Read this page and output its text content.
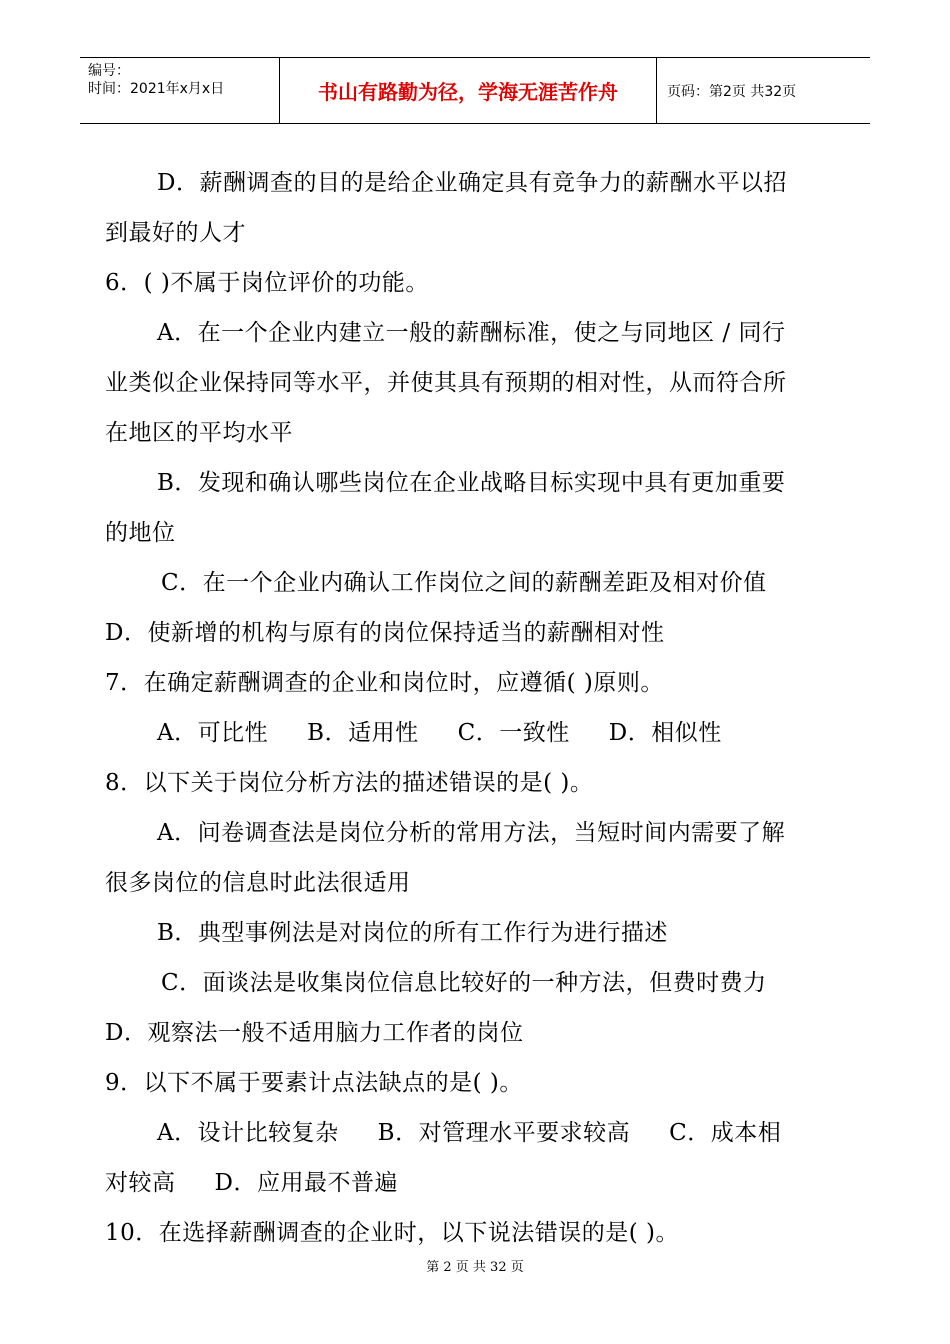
编号：
时间：2021年x月x日	书山有路勤为径，学海无涯苦作舟	页码：第2页 共32页
D．薪酬调查的目的是给企业确定具有竞争力的薪酬水平以招
到最好的人才
6．( )不属于岗位评价的功能。
A．在一个企业内建立一般的薪酬标准，使之与同地区 / 同行
业类似企业保持同等水平，并使其具有预期的相对性，从而符合所
在地区的平均水平
B．发现和确认哪些岗位在企业战略目标实现中具有更加重要
的地位
C．在一个企业内确认工作岗位之间的薪酬差距及相对价值
D．使新增的机构与原有的岗位保持适当的薪酬相对性
7．在确定薪酬调查的企业和岗位时，应遵循( )原则。
A．可比性     B．适用性     C．一致性     D．相似性
8．以下关于岗位分析方法的描述错误的是( )。
A．问卷调查法是岗位分析的常用方法，当短时间内需要了解
很多岗位的信息时此法很适用
B．典型事例法是对岗位的所有工作行为进行描述
C．面谈法是收集岗位信息比较好的一种方法，但费时费力
D．观察法一般不适用脑力工作者的岗位
9．以下不属于要素计点法缺点的是( )。
A．设计比较复杂     B．对管理水平要求较高     C．成本相
对较高     D．应用最不普遍
10．在选择薪酬调查的企业时，以下说法错误的是( )。
第 2 页 共 32 页
